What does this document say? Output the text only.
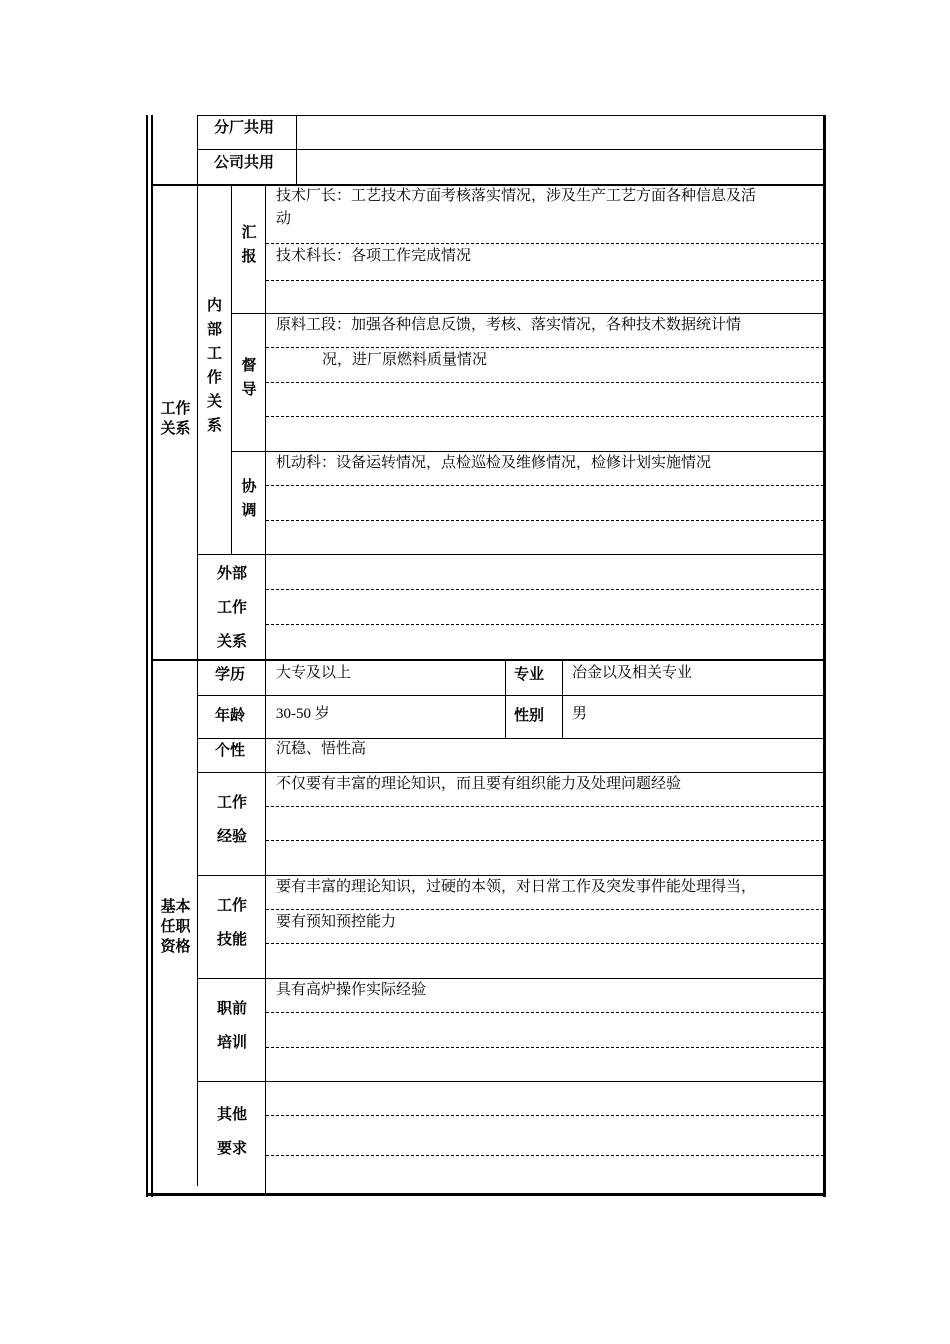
分厂共用
公司共用
工作
关系
内
部
工
作
关
系
汇
报
技术厂长：工艺技术方面考核落实情况，涉及生产工艺方面各种信息及活
动
技术科长：各项工作完成情况
督
导
原料工段：加强各种信息反馈，考核、落实情况，各种技术数据统计情
况，进厂原燃料质量情况
协
调
机动科：设备运转情况，点检巡检及维修情况，检修计划实施情况
外部
工作
关系
基本
任职
资格
学历 大专及以上	专业 冶金以及相关专业
年龄 30-50 岁	性别 男
个性 沉稳、悟性高
工作
经验
不仅要有丰富的理论知识，而且要有组织能力及处理问题经验
工作
技能
要有丰富的理论知识，过硬的本领，对日常工作及突发事件能处理得当，
要有预知预控能力
职前
培训
具有高炉操作实际经验
其他
要求
